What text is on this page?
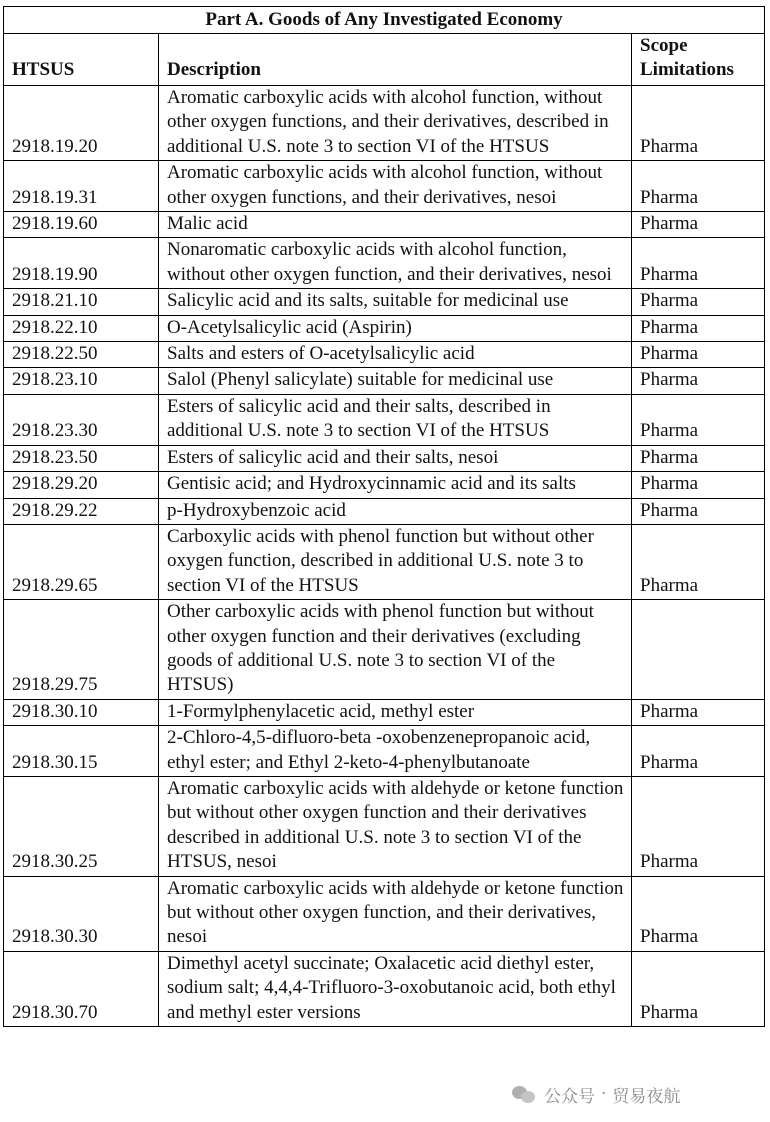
Part A. Goods of Any Investigated Economy		
HTSUS	Description	Scope Limitations
2918.19.20	Aromatic carboxylic acids with alcohol function, without other oxygen functions, and their derivatives, described in additional U.S. note 3 to section VI of the HTSUS	Pharma
2918.19.31	Aromatic carboxylic acids with alcohol function, without other oxygen functions, and their derivatives, nesoi	Pharma
2918.19.60	Malic acid	Pharma
2918.19.90	Nonaromatic carboxylic acids with alcohol function, without other oxygen function, and their derivatives, nesoi	Pharma
2918.21.10	Salicylic acid and its salts, suitable for medicinal use	Pharma
2918.22.10	O-Acetylsalicylic acid (Aspirin)	Pharma
2918.22.50	Salts and esters of O-acetylsalicylic acid	Pharma
2918.23.10	Salol (Phenyl salicylate) suitable for medicinal use	Pharma
2918.23.30	Esters of salicylic acid and their salts, described in additional U.S. note 3 to section VI of the HTSUS	Pharma
2918.23.50	Esters of salicylic acid and their salts, nesoi	Pharma
2918.29.20	Gentisic acid; and Hydroxycinnamic acid and its salts	Pharma
2918.29.22	p-Hydroxybenzoic acid	Pharma
2918.29.65	Carboxylic acids with phenol function but without other oxygen function, described in additional U.S. note 3 to section VI of the HTSUS	Pharma
2918.29.75	Other carboxylic acids with phenol function but without other oxygen function and their derivatives (excluding goods of additional U.S. note 3 to section VI of the HTSUS)	
2918.30.10	1-Formylphenylacetic acid, methyl ester	Pharma
2918.30.15	2-Chloro-4,5-difluoro-beta -oxobenzenepropanoic acid, ethyl ester; and Ethyl 2-keto-4-phenylbutanoate	Pharma
2918.30.25	Aromatic carboxylic acids with aldehyde or ketone function but without other oxygen function and their derivatives described in additional U.S. note 3 to section VI of the HTSUS, nesoi	Pharma
2918.30.30	Aromatic carboxylic acids with aldehyde or ketone function but without other oxygen function, and their derivatives, nesoi	Pharma
2918.30.70	Dimethyl acetyl succinate; Oxalacetic acid diethyl ester, sodium salt; 4,4,4-Trifluoro-3-oxobutanoic acid, both ethyl and methyl ester versions	Pharma
公众号 · 贸易夜航
